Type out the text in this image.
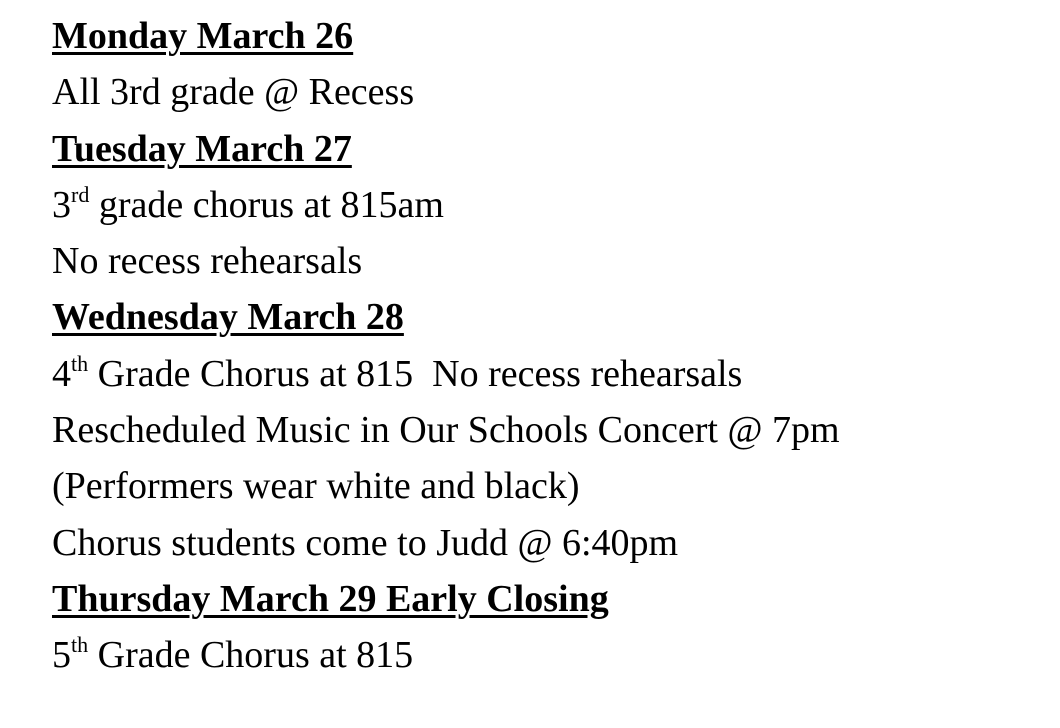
Monday March 26
All 3rd grade @ Recess
Tuesday March 27
3rd grade chorus at 815am
No recess rehearsals
Wednesday March 28
4th Grade Chorus at 815  No recess rehearsals
Rescheduled Music in Our Schools Concert @ 7pm
(Performers wear white and black)
Chorus students come to Judd @ 6:40pm
Thursday March 29 Early Closing
5th Grade Chorus at 815
